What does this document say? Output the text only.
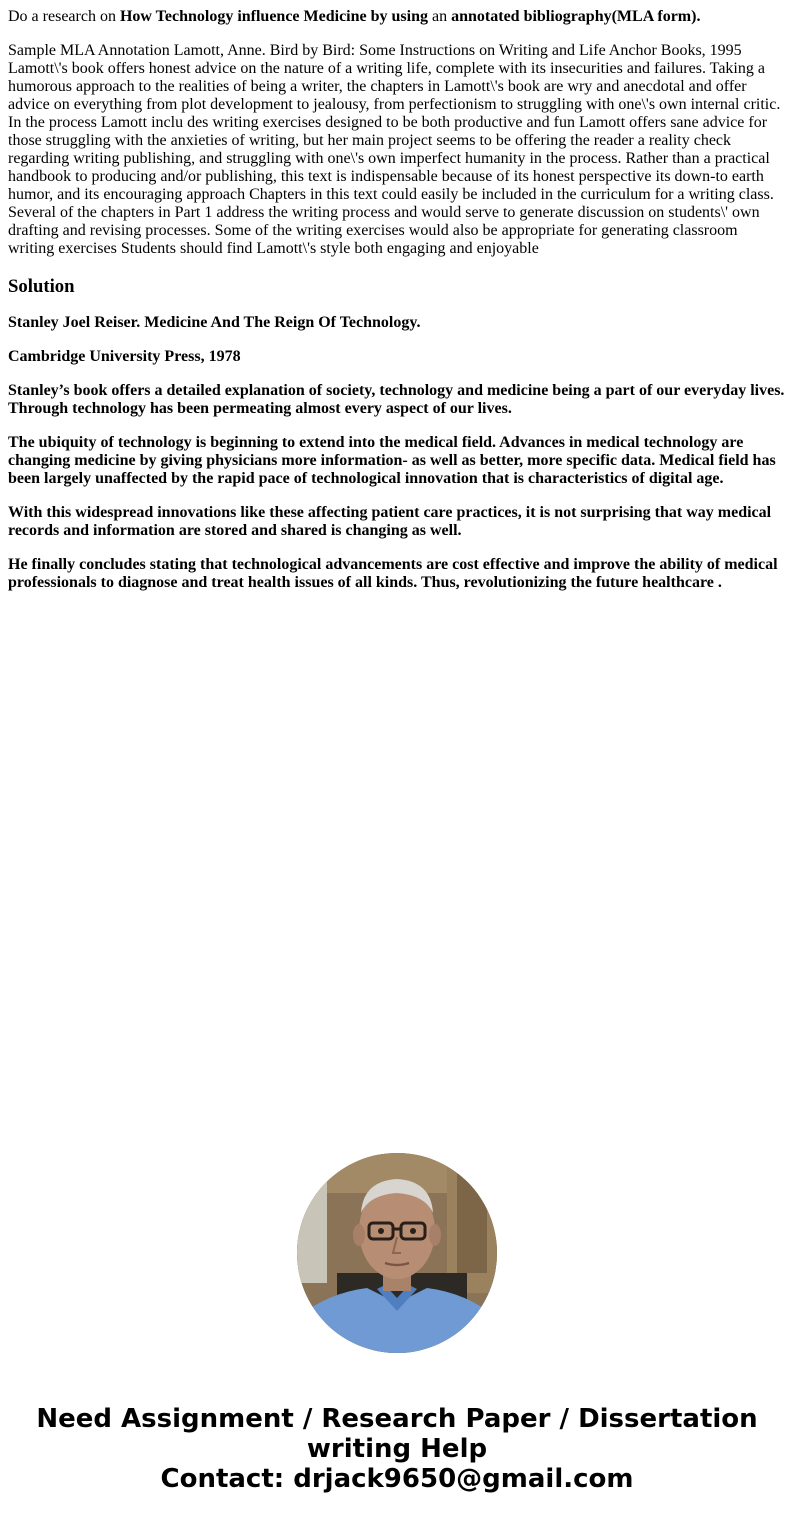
Do a research on How Technology influence Medicine by using an annotated bibliography(MLA form).

Sample MLA Annotation Lamott, Anne. Bird by Bird: Some Instructions on Writing and Life Anchor Books, 1995 Lamott\'s book offers honest advice on the nature of a writing life, complete with its insecurities and failures. Taking a humorous approach to the realities of being a writer, the chapters in Lamott\'s book are wry and anecdotal and offer advice on everything from plot development to jealousy, from perfectionism to struggling with one\'s own internal critic. In the process Lamott inclu des writing exercises designed to be both productive and fun Lamott offers sane advice for those struggling with the anxieties of writing, but her main project seems to be offering the reader a reality check regarding writing publishing, and struggling with one\'s own imperfect humanity in the process. Rather than a practical handbook to producing and/or publishing, this text is indispensable because of its honest perspective its down-to earth humor, and its encouraging approach Chapters in this text could easily be included in the curriculum for a writing class. Several of the chapters in Part 1 address the writing process and would serve to generate discussion on students\' own drafting and revising processes. Some of the writing exercises would also be appropriate for generating classroom writing exercises Students should find Lamott\'s style both engaging and enjoyable

Solution

Stanley Joel Reiser. Medicine And The Reign Of Technology.

Cambridge University Press, 1978

Stanley’s book offers a detailed explanation of society, technology and medicine being a part of our everyday lives. Through technology has been permeating almost every aspect of our lives.

The ubiquity of technology is beginning to extend into the medical field. Advances in medical technology are changing medicine by giving physicians more information- as well as better, more specific data. Medical field has been largely unaffected by the rapid pace of technological innovation that is characteristics of digital age.

With this widespread innovations like these affecting patient care practices, it is not surprising that way medical records and information are stored and shared is changing as well.

He finally concludes stating that technological advancements are cost effective and improve the ability of medical professionals to diagnose and treat health issues of all kinds. Thus, revolutionizing the future healthcare .

Need Assignment / Research Paper / Dissertation
writing Help
Contact: drjack9650@gmail.com
